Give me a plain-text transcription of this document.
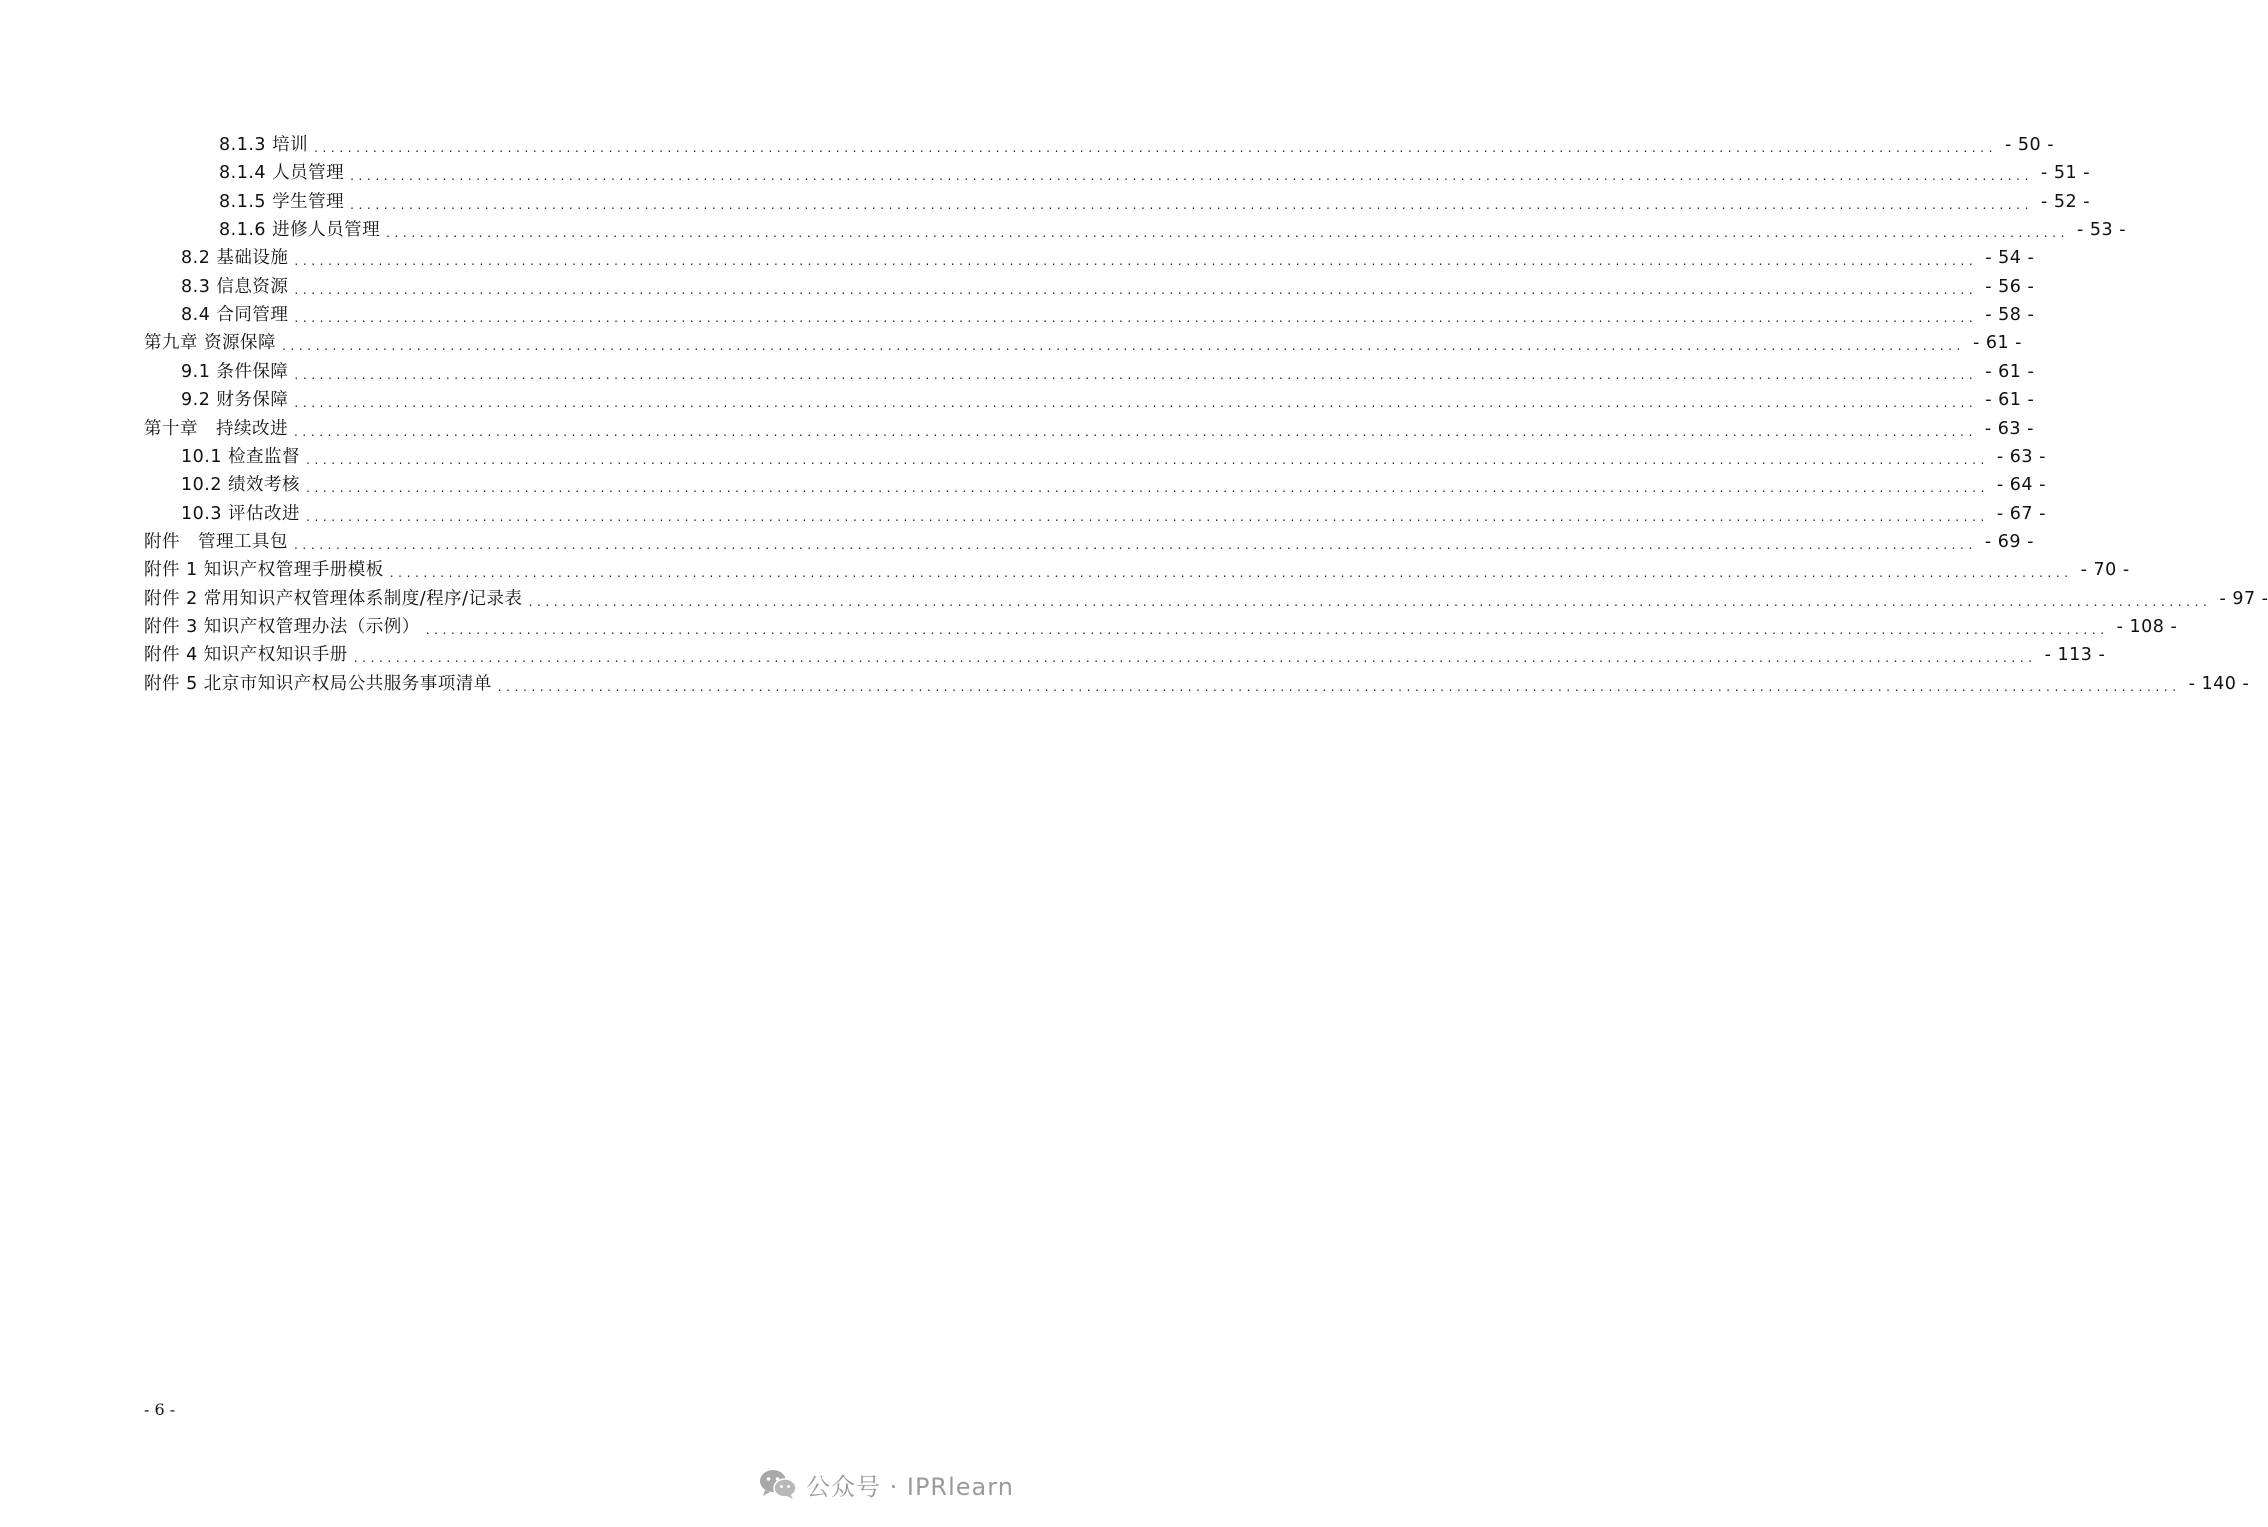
8.1.3 培训 ........................................................................................................................................................................................................ - 50 -
8.1.4 人员管理 ........................................................................................................................................................................................................ - 51 -
8.1.5 学生管理 ........................................................................................................................................................................................................ - 52 -
8.1.6 进修人员管理 ........................................................................................................................................................................................................ - 53 -
8.2 基础设施 ........................................................................................................................................................................................................ - 54 -
8.3 信息资源 ........................................................................................................................................................................................................ - 56 -
8.4 合同管理 ........................................................................................................................................................................................................ - 58 -
第九章 资源保障 ........................................................................................................................................................................................................ - 61 -
9.1 条件保障 ........................................................................................................................................................................................................ - 61 -
9.2 财务保障 ........................................................................................................................................................................................................ - 61 -
第十章　持续改进 ........................................................................................................................................................................................................ - 63 -
10.1 检查监督 ........................................................................................................................................................................................................ - 63 -
10.2 绩效考核 ........................................................................................................................................................................................................ - 64 -
10.3 评估改进 ........................................................................................................................................................................................................ - 67 -
附件　管理工具包 ........................................................................................................................................................................................................ - 69 -
附件 1 知识产权管理手册模板 ........................................................................................................................................................................................................ - 70 -
附件 2 常用知识产权管理体系制度/程序/记录表 ........................................................................................................................................................................................................ - 97 -
附件 3 知识产权管理办法（示例） ........................................................................................................................................................................................................ - 108 -
附件 4 知识产权知识手册 ........................................................................................................................................................................................................ - 113 -
附件 5 北京市知识产权局公共服务事项清单 ........................................................................................................................................................................................................ - 140 -
- 6 -
公众号 · IPRlearn
